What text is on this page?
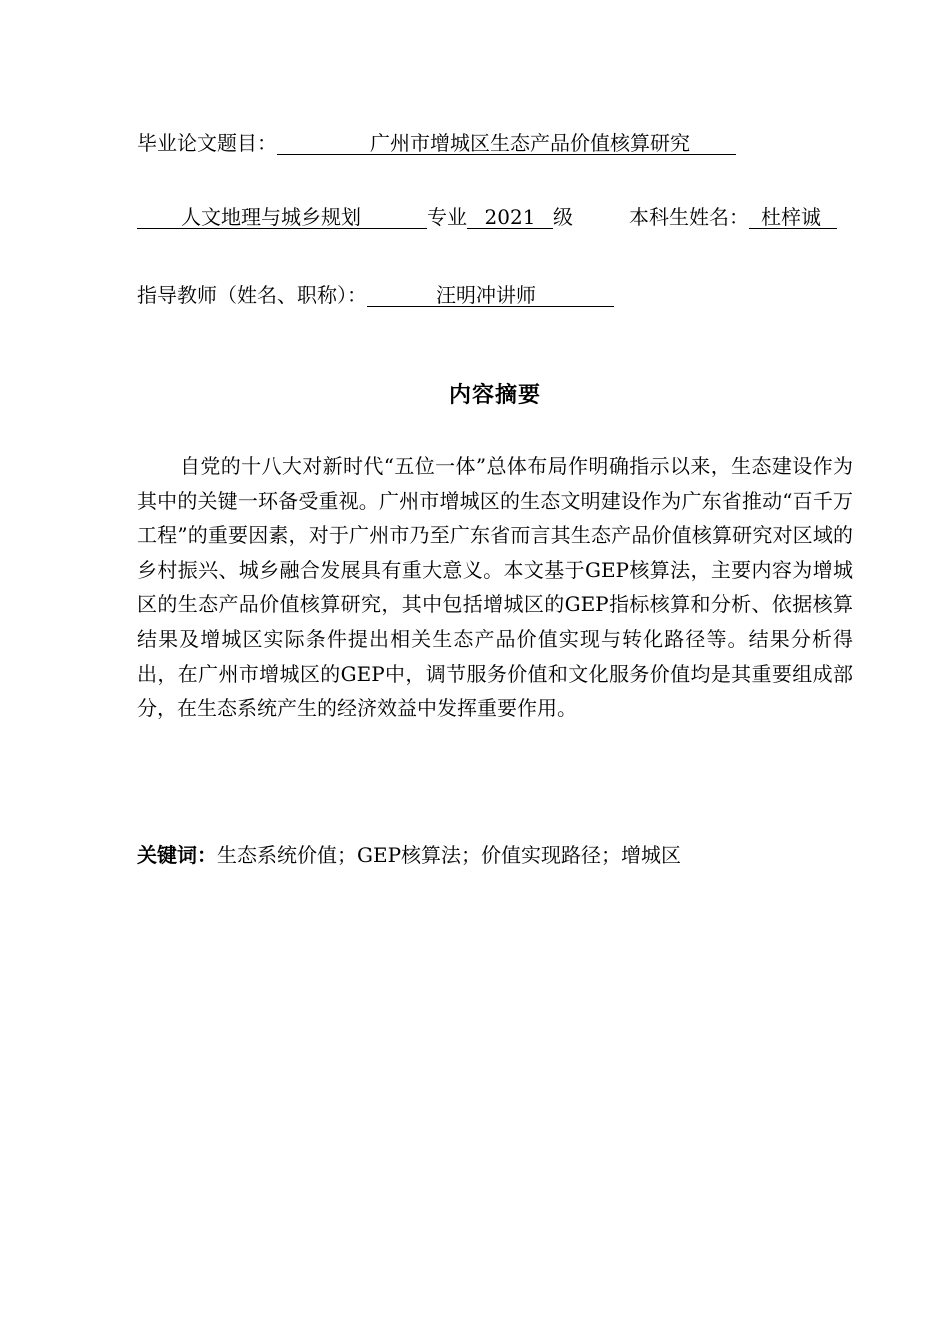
毕业论文题目：	广州市增城区生态产品价值核算研究
人文地理与城乡规划	专业 2021 级	本科生姓名： 杜梓诚
指导教师（姓名、职称）：	汪明冲讲师
内容摘要

自党的十八大对新时代“五位一体”总体布局作明确指示以来，生态建设作为其中的关键一环备受重视。广州市增城区的生态文明建设作为广东省推动“百千万工程”的重要因素，对于广州市乃至广东省而言其生态产品价值核算研究对区域的乡村振兴、城乡融合发展具有重大意义。本文基于GEP核算法，主要内容为增城区的生态产品价值核算研究，其中包括增城区的GEP指标核算和分析、依据核算结果及增城区实际条件提出相关生态产品价值实现与转化路径等。结果分析得出，在广州市增城区的GEP中，调节服务价值和文化服务价值均是其重要组成部分，在生态系统产生的经济效益中发挥重要作用。

关键词：生态系统价值；GEP核算法；价值实现路径；增城区
